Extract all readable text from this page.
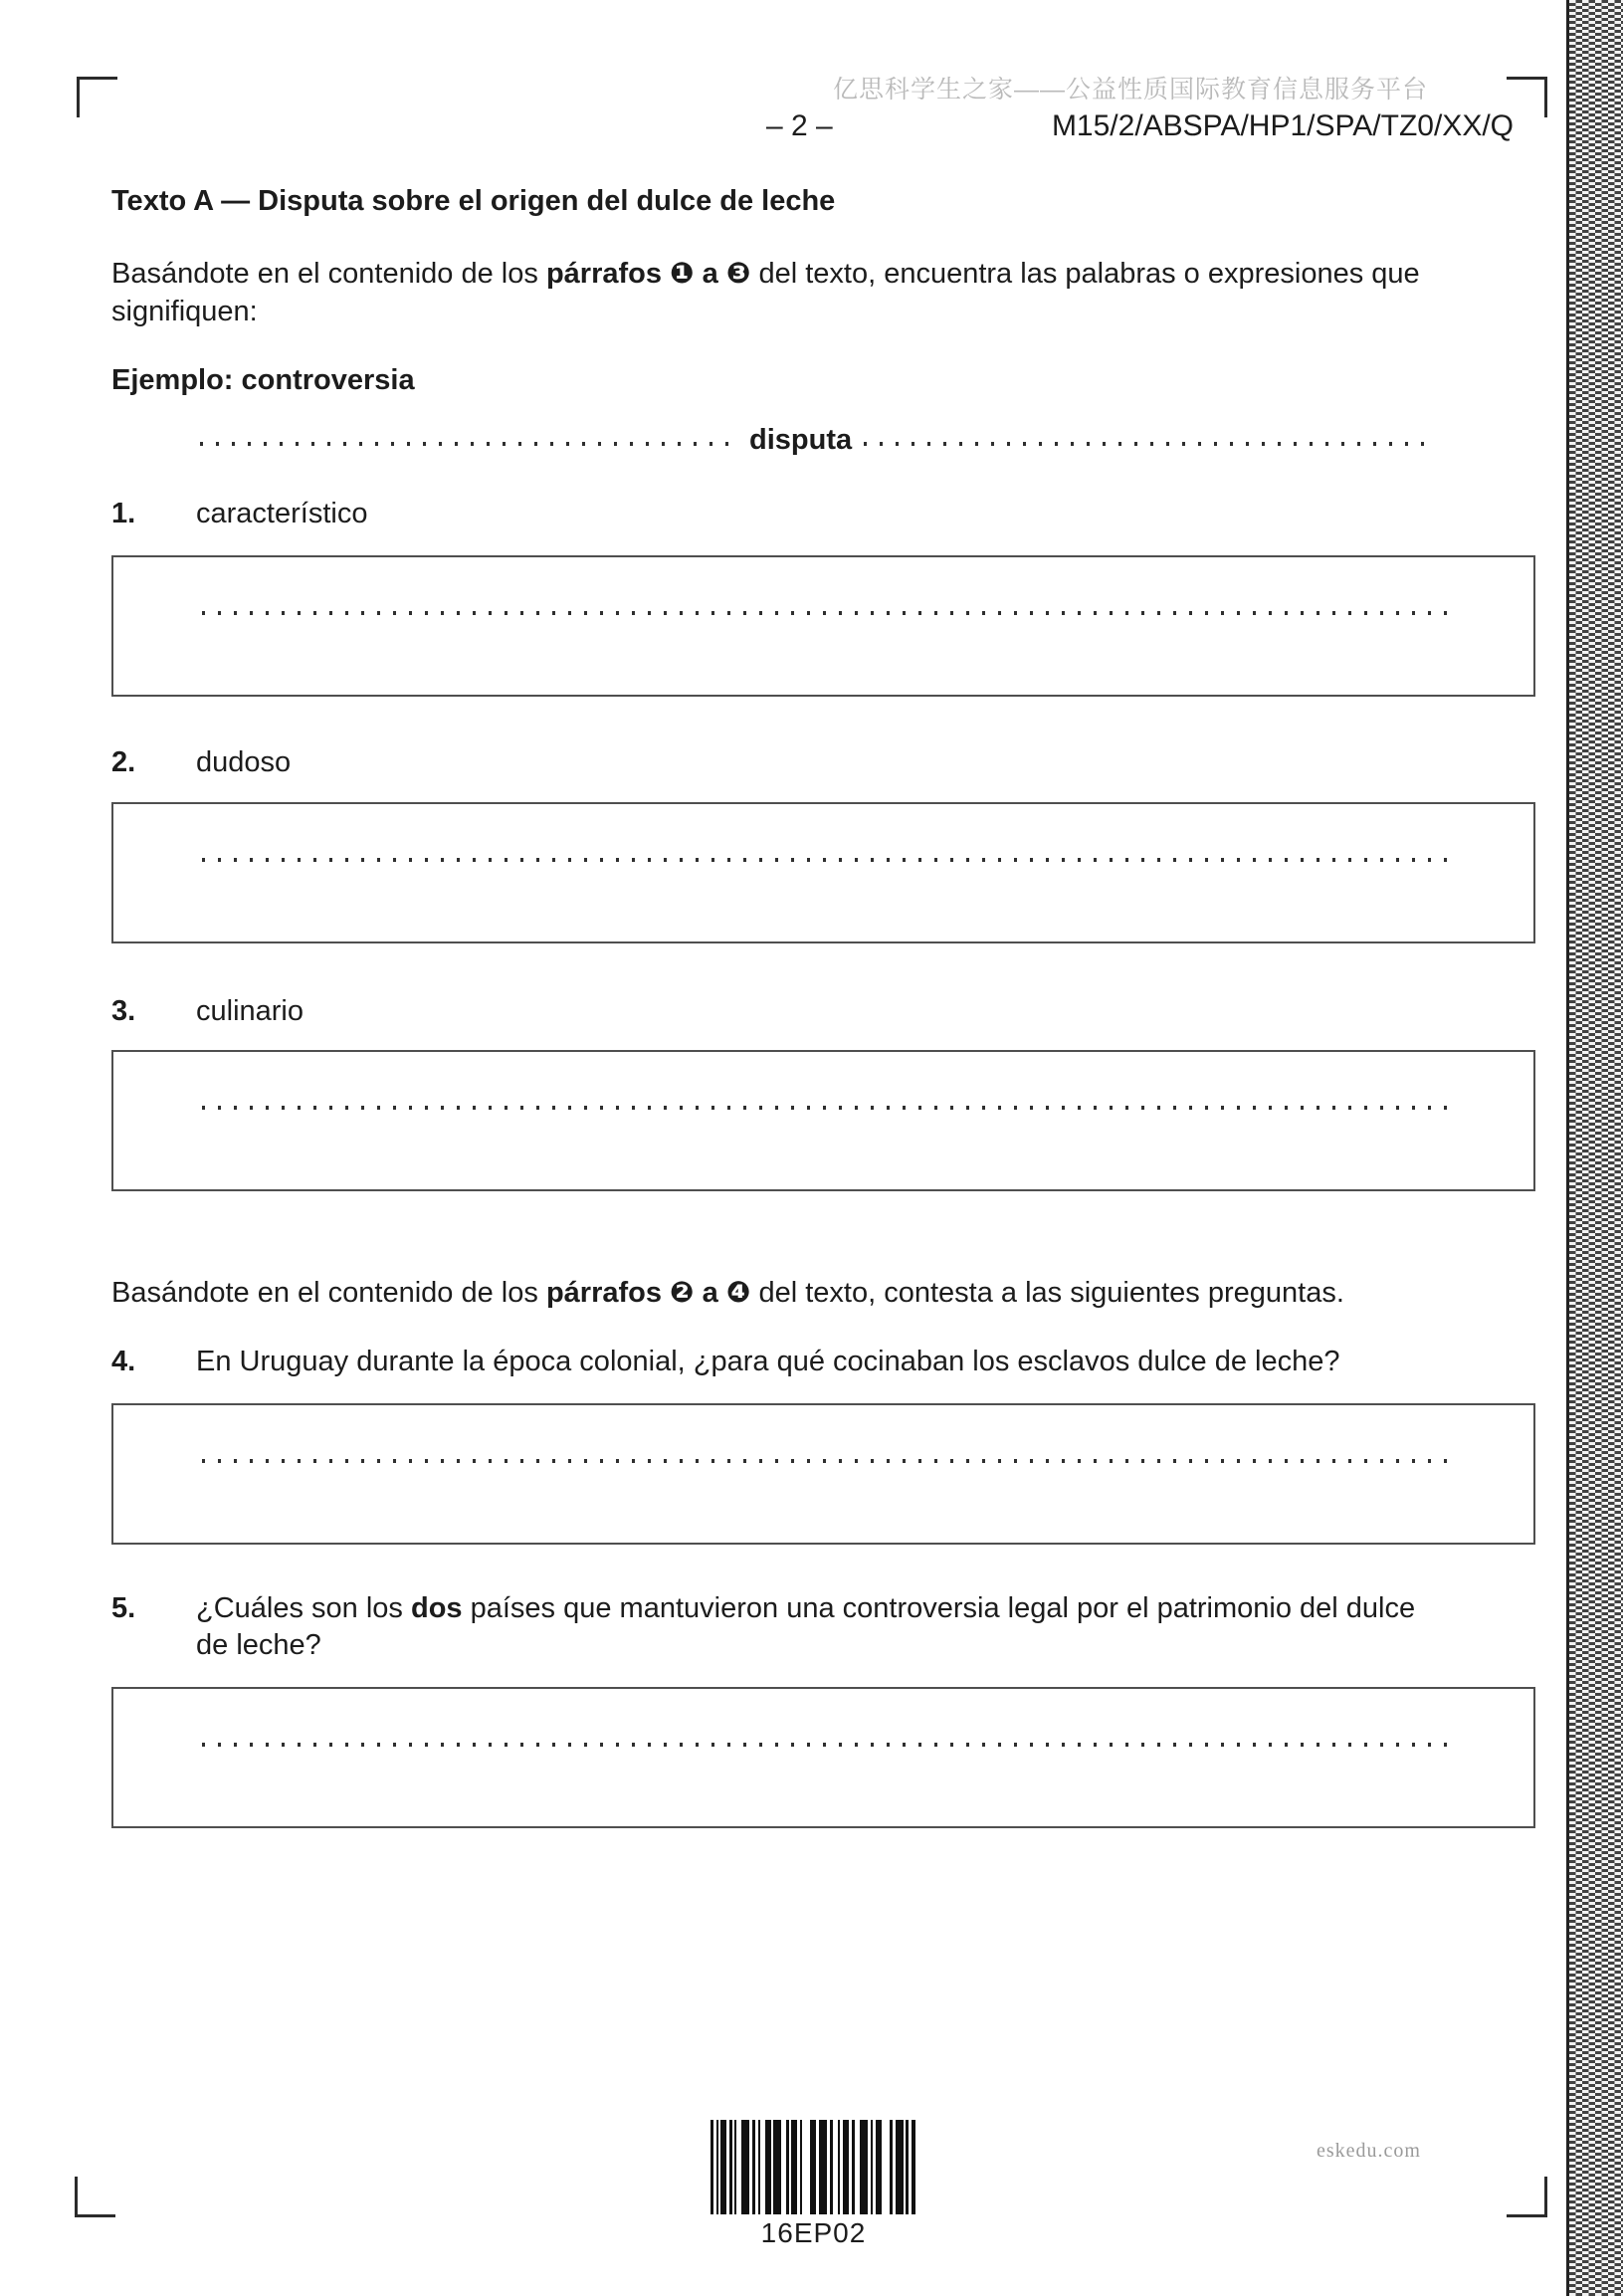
亿思科学生之家——公益性质国际教育信息服务平台
– 2 –	M15/2/ABSPA/HP1/SPA/TZ0/XX/Q
Texto A — Disputa sobre el origen del dulce de leche
Basándote en el contenido de los párrafos ❶ a ❸ del texto, encuentra las palabras o expresiones que signifiquen:
Ejemplo: controversia
disputa
1. característico
2. dudoso
3. culinario
Basándote en el contenido de los párrafos ❷ a ❹ del texto, contesta a las siguientes preguntas.
4. En Uruguay durante la época colonial, ¿para qué cocinaban los esclavos dulce de leche?
5. ¿Cuáles son los dos países que mantuvieron una controversia legal por el patrimonio del dulce de leche?
16EP02
eskedu.com
